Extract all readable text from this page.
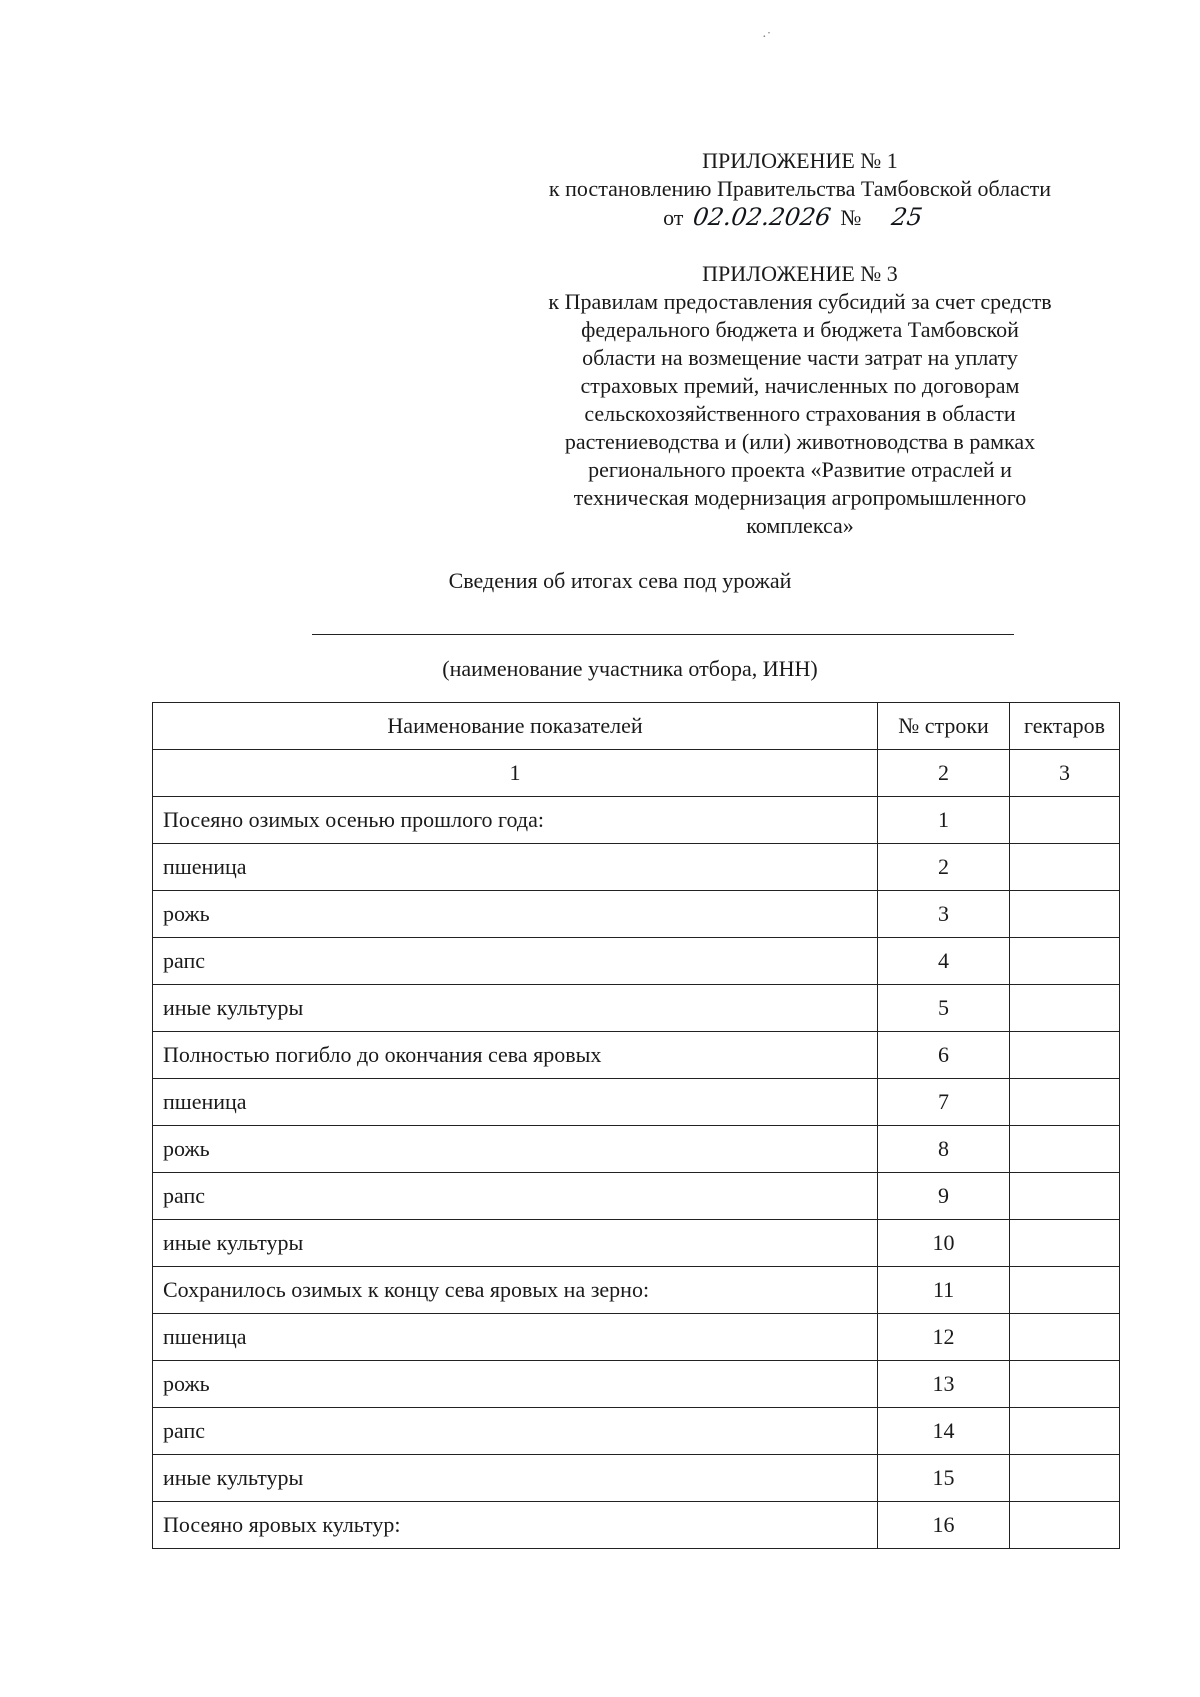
·˙
ПРИЛОЖЕНИЕ № 1
к постановлению Правительства Тамбовской области
от 02.02.2026 № 25
ПРИЛОЖЕНИЕ № 3
к Правилам предоставления субсидий за счет средств
федерального бюджета и бюджета Тамбовской
области на возмещение части затрат на уплату
страховых премий, начисленных по договорам
сельскохозяйственного страхования в области
растениеводства и (или) животноводства в рамках
регионального проекта «Развитие отраслей и
техническая модернизация агропромышленного
комплекса»
Сведения об итогах сева под урожай
(наименование участника отбора, ИНН)
Наименование показателей	№ строки	гектаров
1	2	3
Посеяно озимых осенью прошлого года:	1	
пшеница	2	
рожь	3	
рапс	4	
иные культуры	5	
Полностью погибло до окончания сева яровых	6	
пшеница	7	
рожь	8	
рапс	9	
иные культуры	10	
Сохранилось озимых к концу сева яровых на зерно:	11	
пшеница	12	
рожь	13	
рапс	14	
иные культуры	15	
Посеяно яровых культур:	16	
